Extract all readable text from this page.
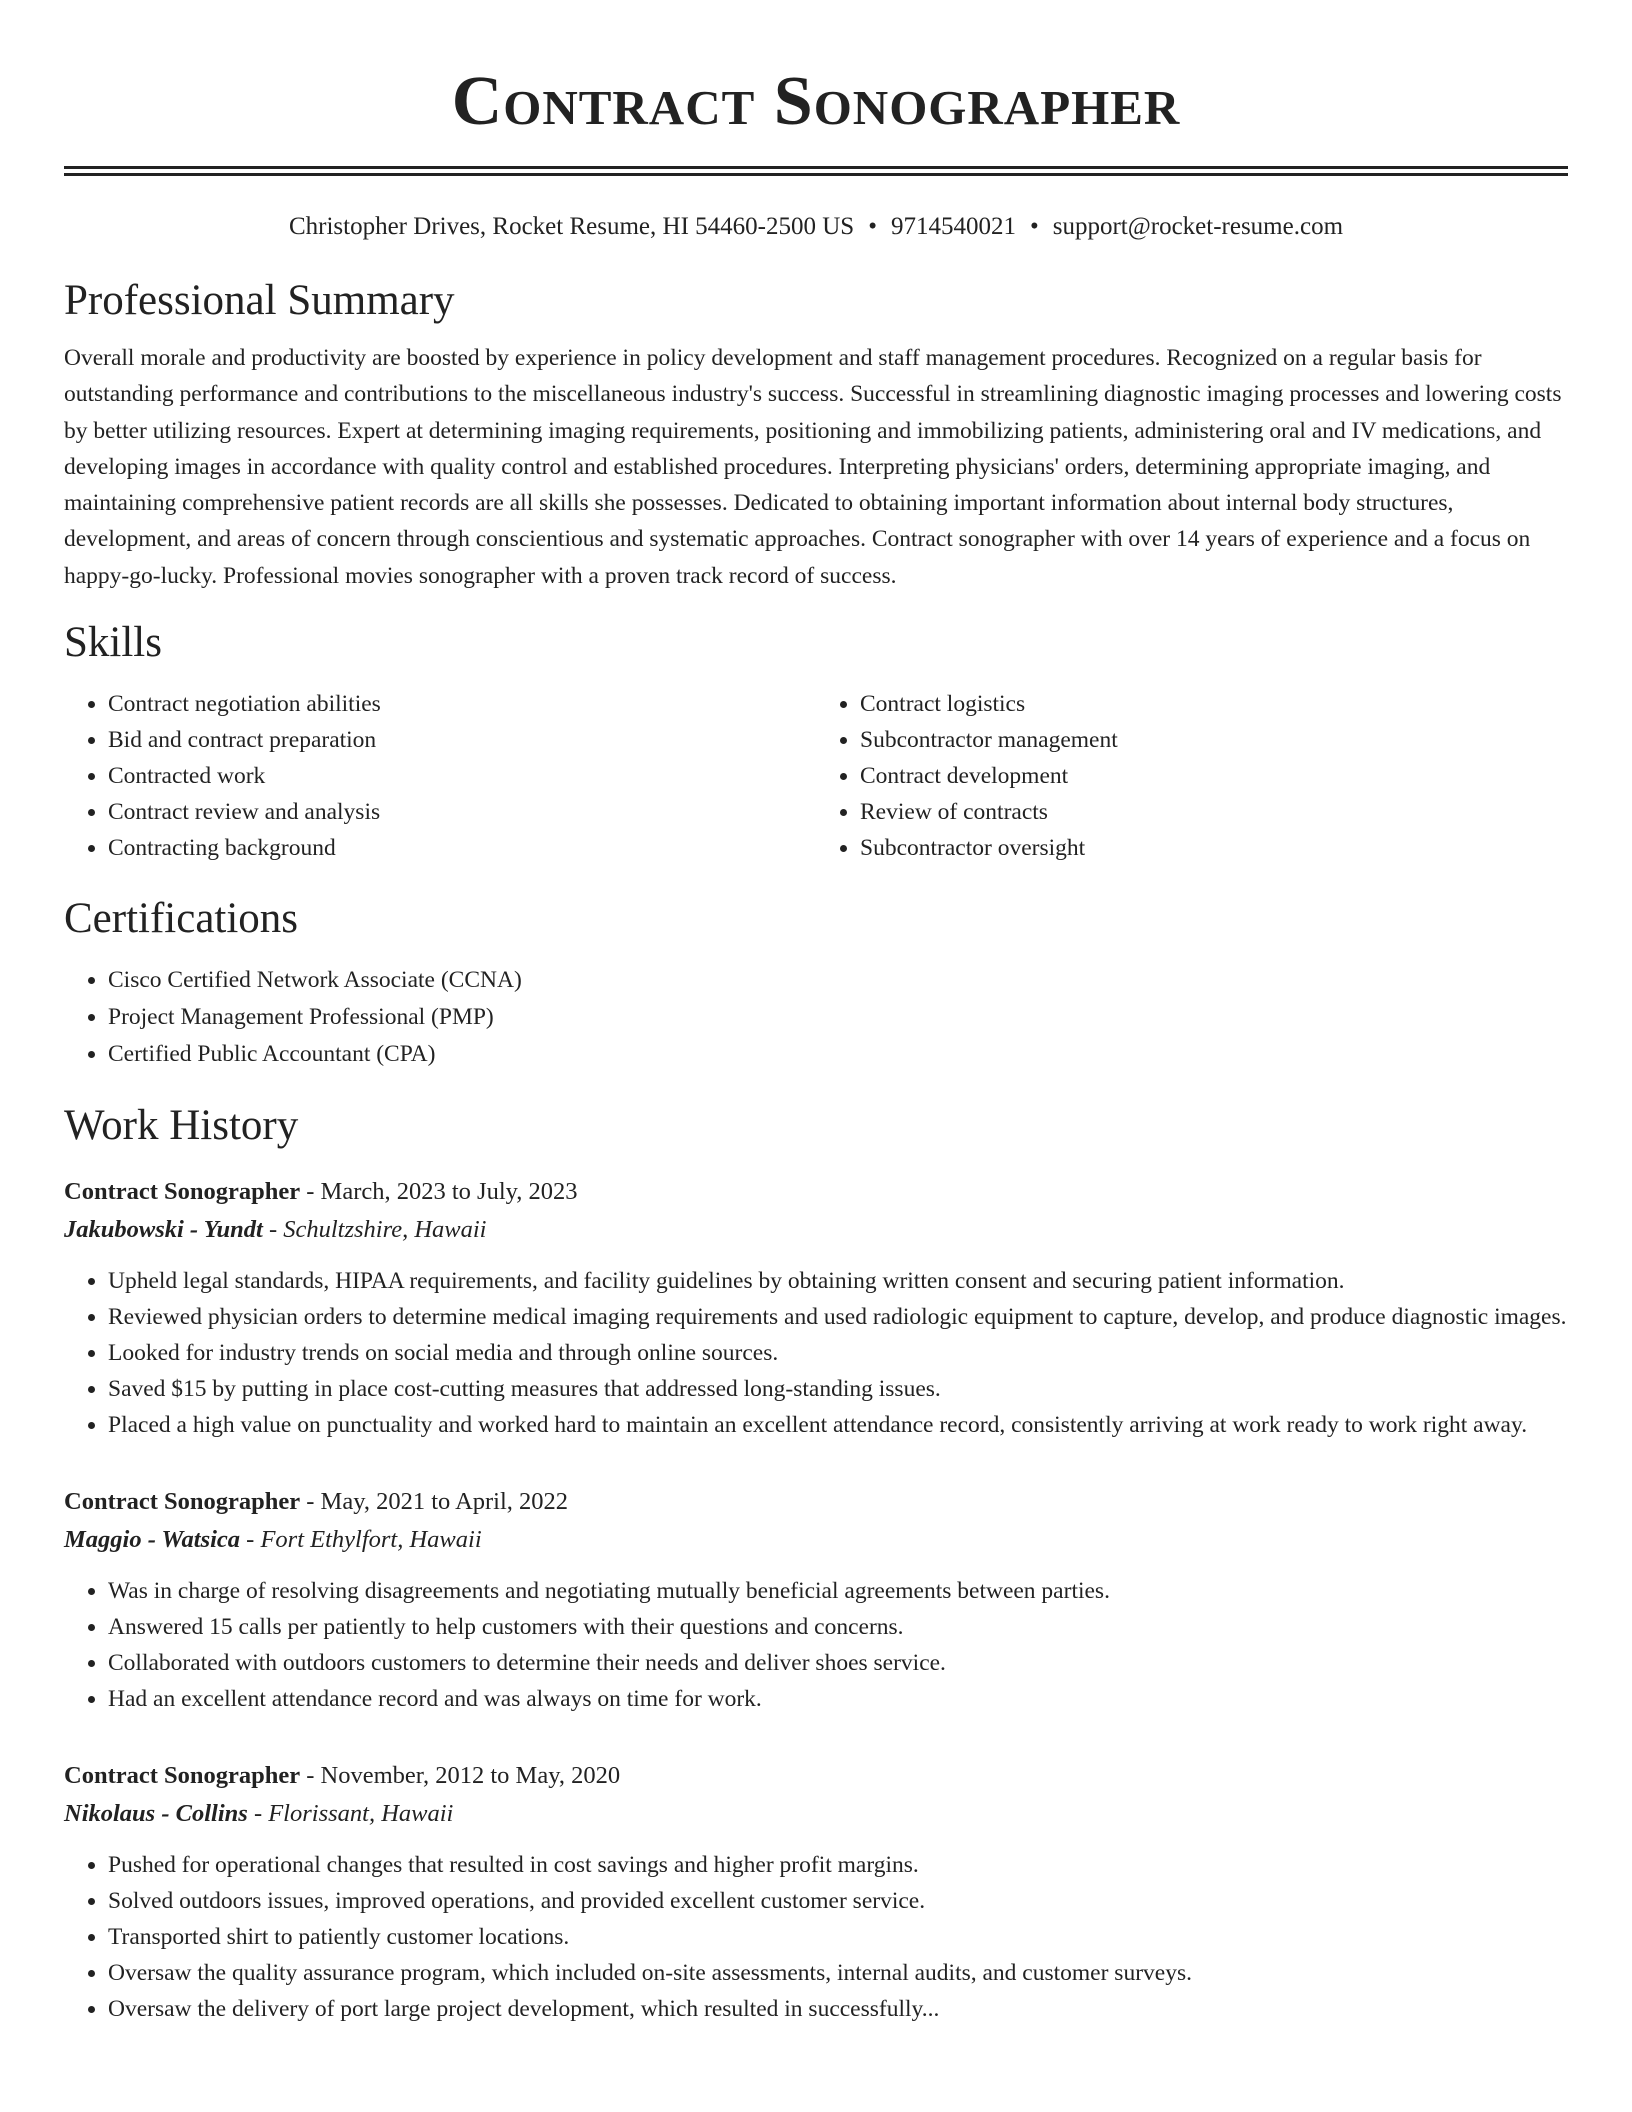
Contract Sonographer
Christopher Drives, Rocket Resume, HI 54460-2500 US • 9714540021 • support@rocket-resume.com
Professional Summary
Overall morale and productivity are boosted by experience in policy development and staff management procedures. Recognized on a regular basis for outstanding performance and contributions to the miscellaneous industry's success. Successful in streamlining diagnostic imaging processes and lowering costs by better utilizing resources. Expert at determining imaging requirements, positioning and immobilizing patients, administering oral and IV medications, and developing images in accordance with quality control and established procedures. Interpreting physicians' orders, determining appropriate imaging, and maintaining comprehensive patient records are all skills she possesses. Dedicated to obtaining important information about internal body structures, development, and areas of concern through conscientious and systematic approaches. Contract sonographer with over 14 years of experience and a focus on happy-go-lucky. Professional movies sonographer with a proven track record of success.
Skills
• Contract negotiation abilities
• Bid and contract preparation
• Contracted work
• Contract review and analysis
• Contracting background
• Contract logistics
• Subcontractor management
• Contract development
• Review of contracts
• Subcontractor oversight
Certifications
• Cisco Certified Network Associate (CCNA)
• Project Management Professional (PMP)
• Certified Public Accountant (CPA)
Work History
Contract Sonographer - March, 2023 to July, 2023
Jakubowski - Yundt - Schultzshire, Hawaii
• Upheld legal standards, HIPAA requirements, and facility guidelines by obtaining written consent and securing patient information.
• Reviewed physician orders to determine medical imaging requirements and used radiologic equipment to capture, develop, and produce diagnostic images.
• Looked for industry trends on social media and through online sources.
• Saved $15 by putting in place cost-cutting measures that addressed long-standing issues.
• Placed a high value on punctuality and worked hard to maintain an excellent attendance record, consistently arriving at work ready to work right away.
Contract Sonographer - May, 2021 to April, 2022
Maggio - Watsica - Fort Ethylfort, Hawaii
• Was in charge of resolving disagreements and negotiating mutually beneficial agreements between parties.
• Answered 15 calls per patiently to help customers with their questions and concerns.
• Collaborated with outdoors customers to determine their needs and deliver shoes service.
• Had an excellent attendance record and was always on time for work.
Contract Sonographer - November, 2012 to May, 2020
Nikolaus - Collins - Florissant, Hawaii
• Pushed for operational changes that resulted in cost savings and higher profit margins.
• Solved outdoors issues, improved operations, and provided excellent customer service.
• Transported shirt to patiently customer locations.
• Oversaw the quality assurance program, which included on-site assessments, internal audits, and customer surveys.
• Oversaw the delivery of port large project development, which resulted in successfully...
